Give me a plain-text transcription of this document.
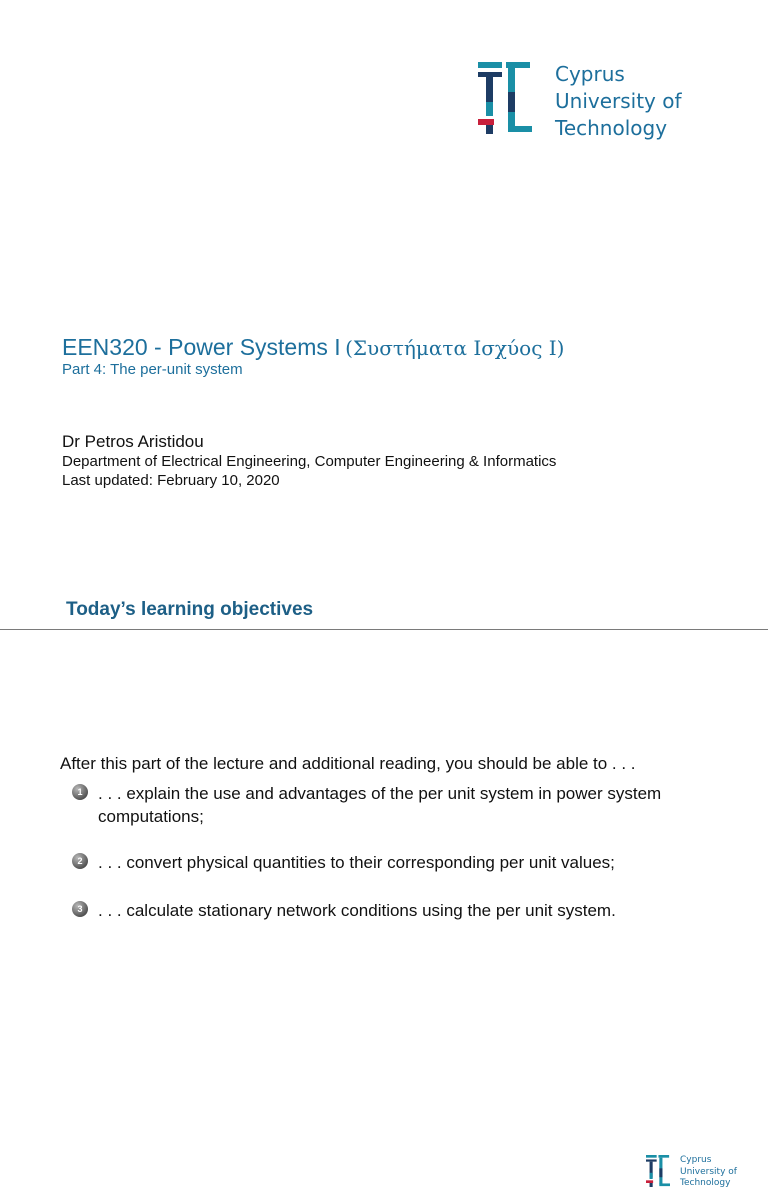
Cyprus
University of
Technology
EEN320 - Power Systems I (Συστήματα Ισχύος Ι)
Part 4: The per-unit system
Dr Petros Aristidou
Department of Electrical Engineering, Computer Engineering & Informatics
Last updated: February 10, 2020
Today’s learning objectives
Cyprus
University of
Technology
After this part of the lecture and additional reading, you should be able to . . .
1 . . . explain the use and advantages of the per unit system in power system computations;
2 . . . convert physical quantities to their corresponding per unit values;
3 . . . calculate stationary network conditions using the per unit system.
